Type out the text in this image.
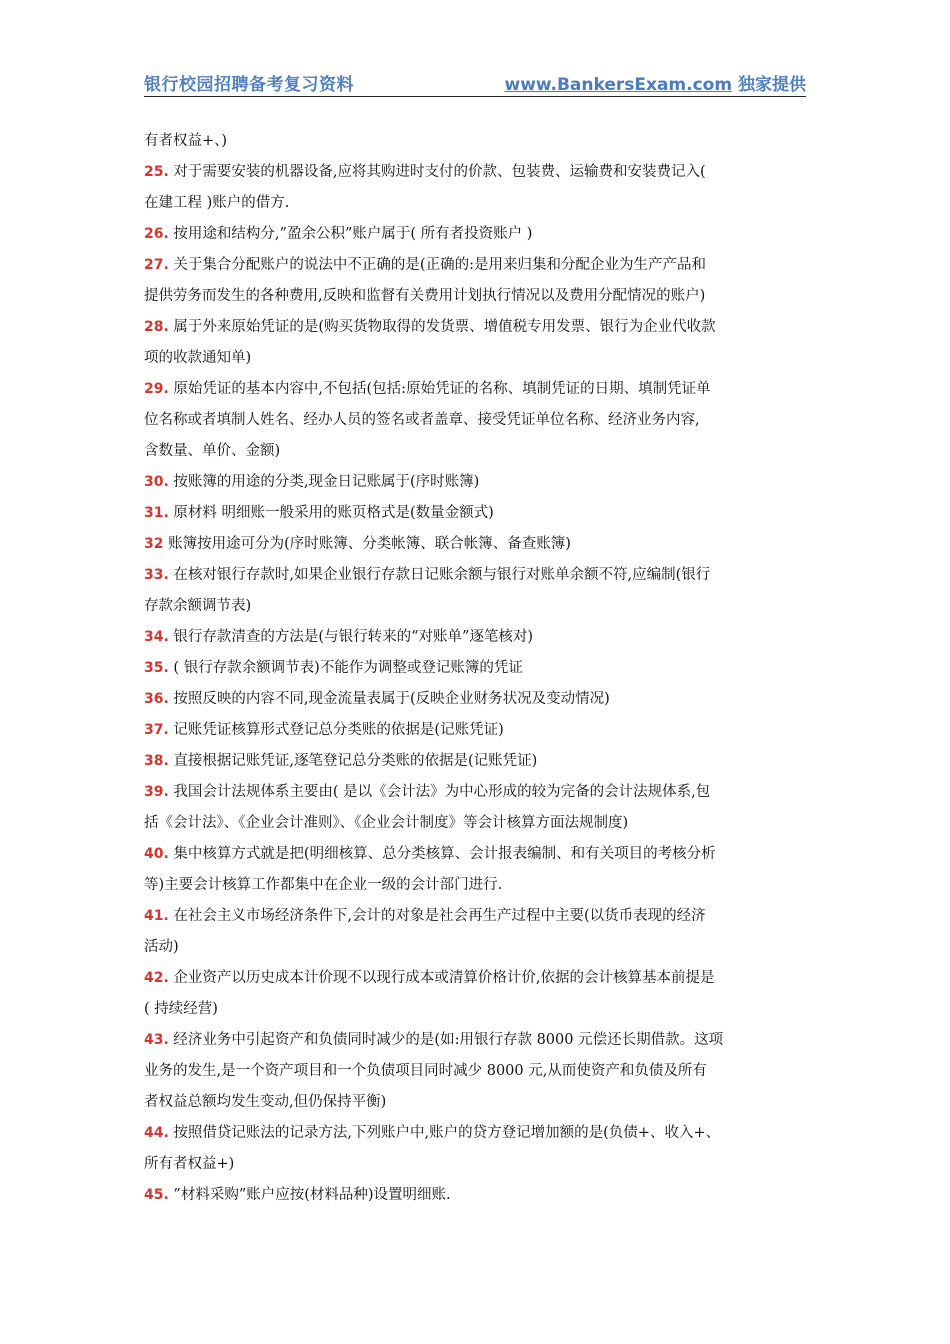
银行校园招聘备考复习资料	www.BankersExam.com 独家提供
有者权益+、)
25. 对于需要安装的机器设备,应将其购进时支付的价款、包装费、运输费和安装费记入(
在建工程 )账户的借方.
26. 按用途和结构分,”盈余公积”账户属于( 所有者投资账户 )
27. 关于集合分配账户的说法中不正确的是(正确的:是用来归集和分配企业为生产产品和
提供劳务而发生的各种费用,反映和监督有关费用计划执行情况以及费用分配情况的账户)
28. 属于外来原始凭证的是(购买货物取得的发货票、增值税专用发票、银行为企业代收款
项的收款通知单)
29. 原始凭证的基本内容中,不包括(包括:原始凭证的名称、填制凭证的日期、填制凭证单
位名称或者填制人姓名、经办人员的签名或者盖章、接受凭证单位名称、经济业务内容,
含数量、单价、金额)
30. 按账簿的用途的分类,现金日记账属于(序时账簿)
31. 原材料 明细账一般采用的账页格式是(数量金额式)
32 账簿按用途可分为(序时账簿、分类帐簿、联合帐簿、备查账簿)
33. 在核对银行存款时,如果企业银行存款日记账余额与银行对账单余额不符,应编制(银行
存款余额调节表)
34. 银行存款清查的方法是(与银行转来的“对账单”逐笔核对)
35. ( 银行存款余额调节表)不能作为调整或登记账簿的凭证
36. 按照反映的内容不同,现金流量表属于(反映企业财务状况及变动情况)
37. 记账凭证核算形式登记总分类账的依据是(记账凭证)
38. 直接根据记账凭证,逐笔登记总分类账的依据是(记账凭证)
39. 我国会计法规体系主要由( 是以《会计法》为中心形成的较为完备的会计法规体系,包
括《会计法》、《企业会计准则》、《企业会计制度》等会计核算方面法规制度)
40. 集中核算方式就是把(明细核算、总分类核算、会计报表编制、和有关项目的考核分析
等)主要会计核算工作都集中在企业一级的会计部门进行.
41. 在社会主义市场经济条件下,会计的对象是社会再生产过程中主要(以货币表现的经济
活动)
42. 企业资产以历史成本计价现不以现行成本或清算价格计价,依据的会计核算基本前提是
( 持续经营)
43. 经济业务中引起资产和负债同时减少的是(如:用银行存款 8000 元偿还长期借款。这项
业务的发生,是一个资产项目和一个负债项目同时减少 8000 元,从而使资产和负债及所有
者权益总额均发生变动,但仍保持平衡)
44. 按照借贷记账法的记录方法,下列账户中,账户的贷方登记增加额的是(负债+、收入+、
所有者权益+)
45. ”材料采购”账户应按(材料品种)设置明细账.
